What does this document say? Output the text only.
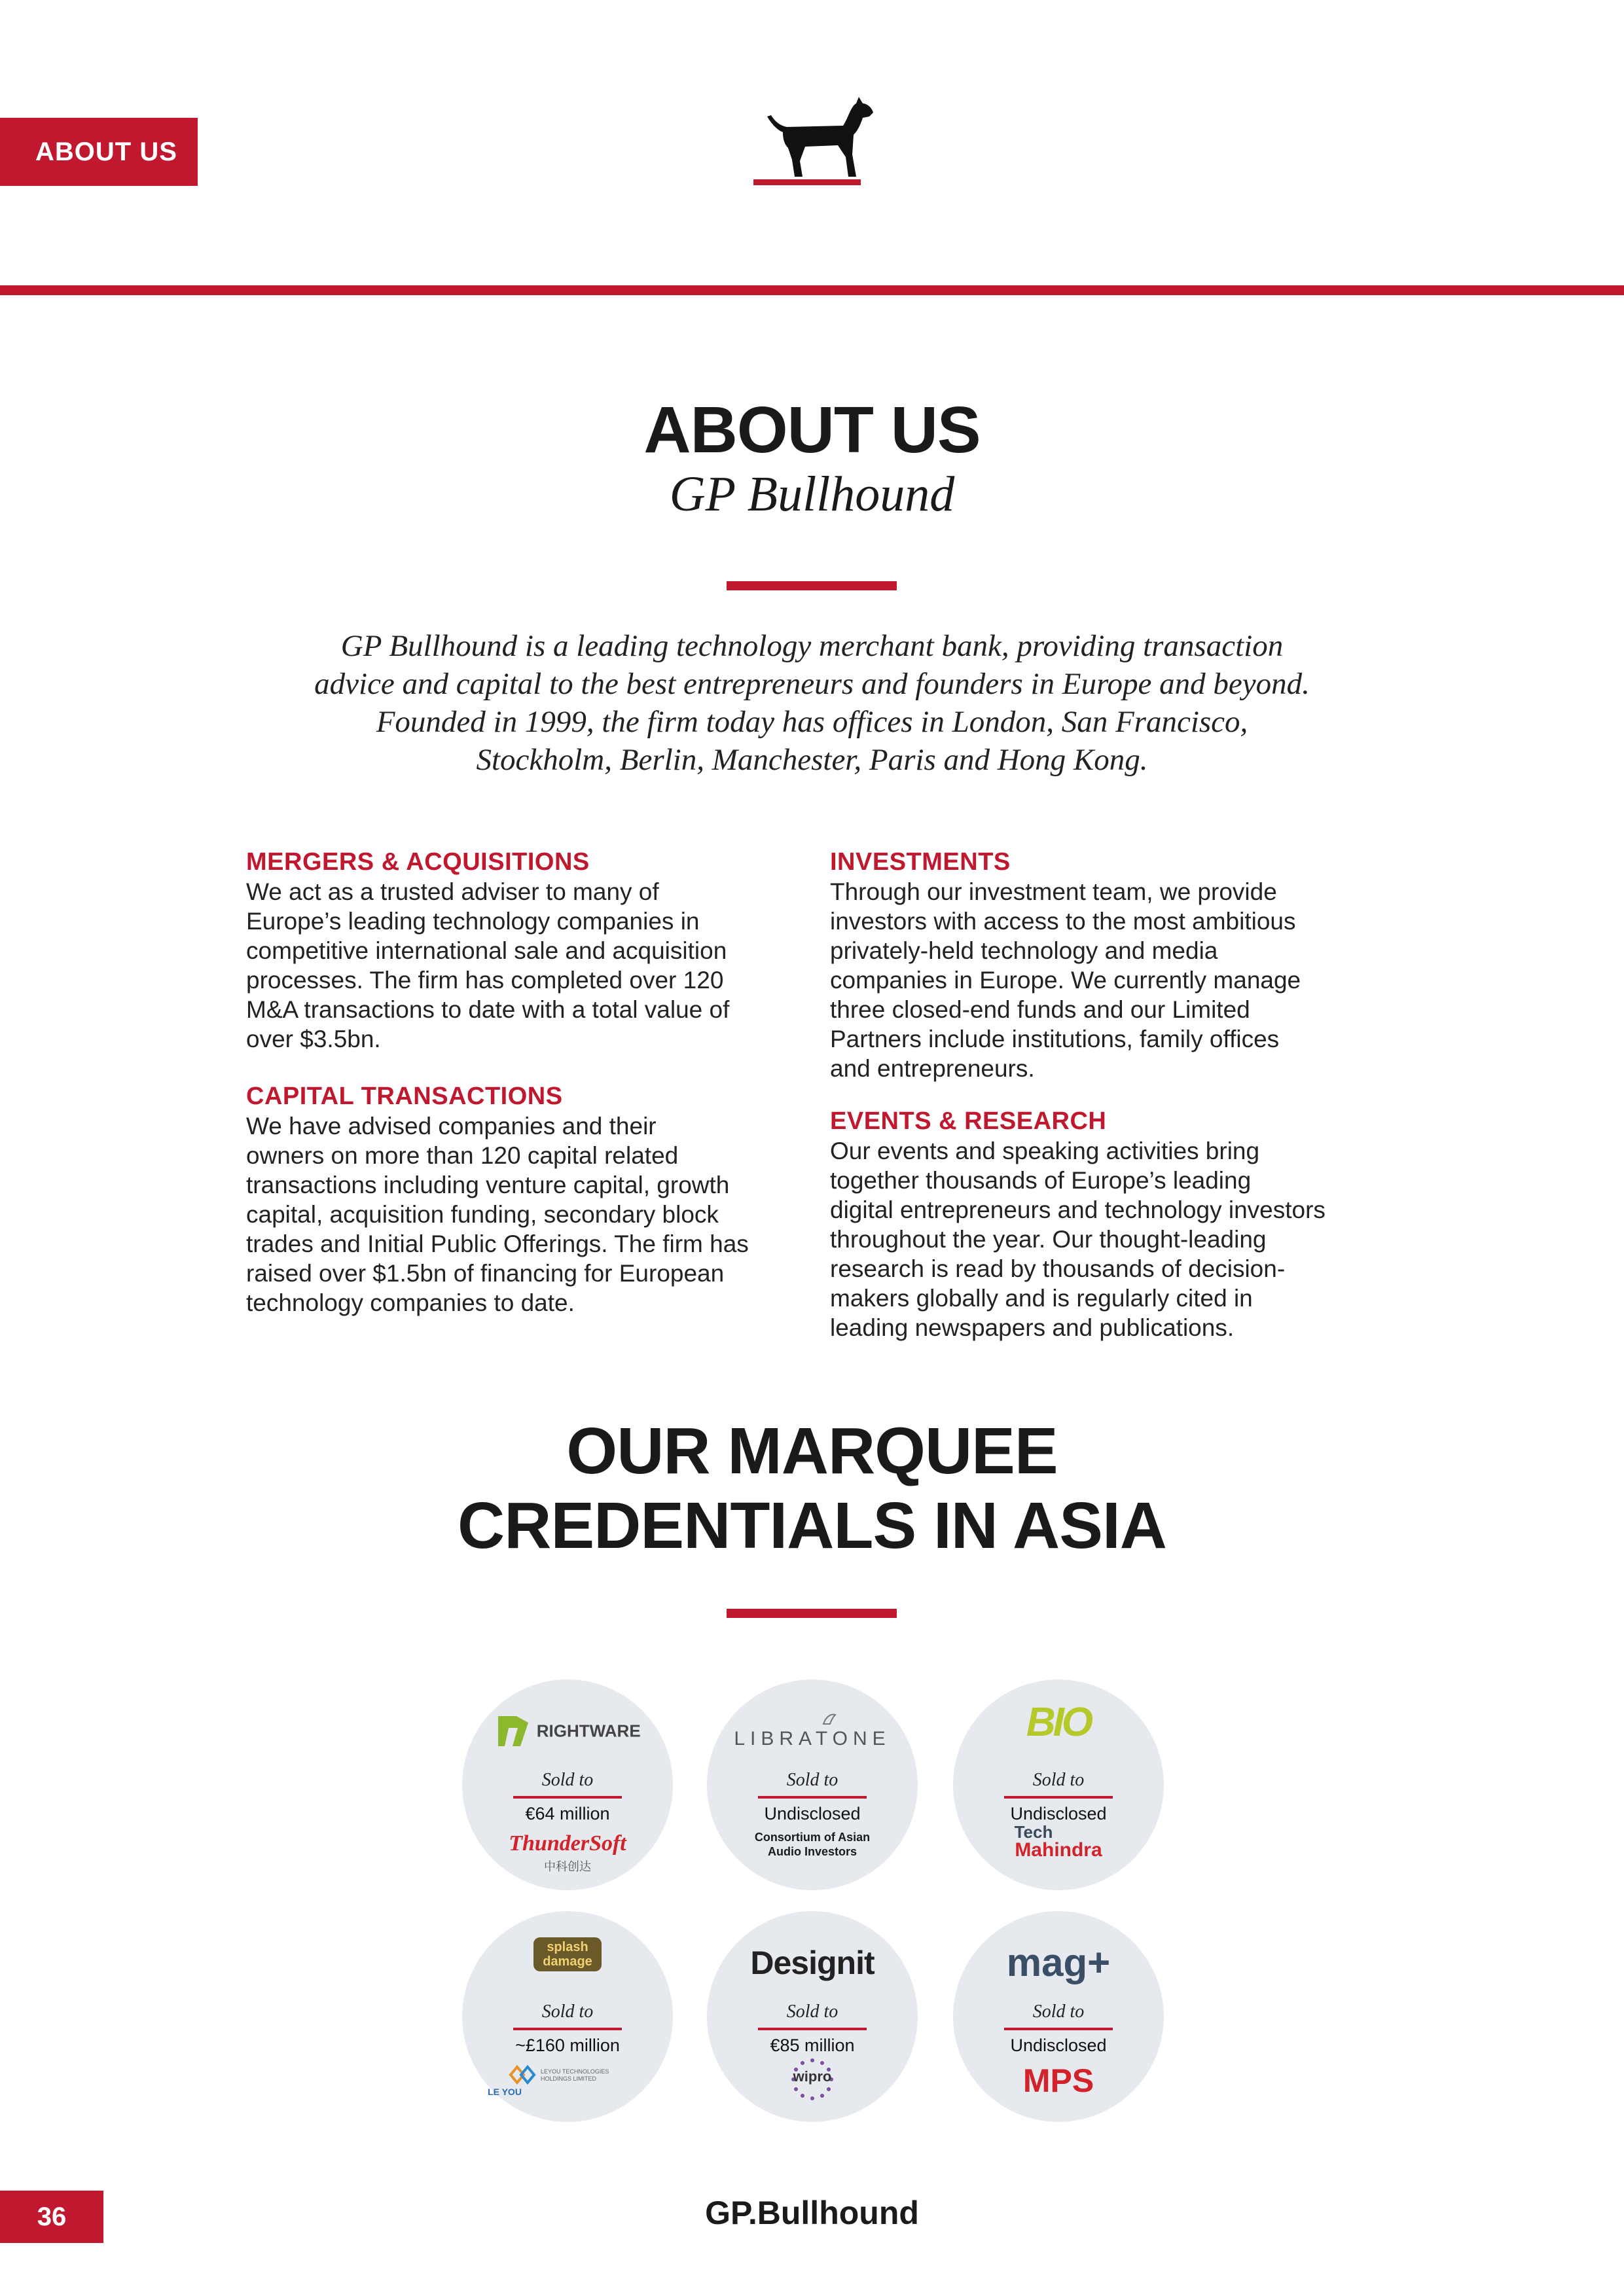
ABOUT US
ABOUT US
GP Bullhound
GP Bullhound is a leading technology merchant bank, providing transaction
advice and capital to the best entrepreneurs and founders in Europe and beyond.
Founded in 1999, the firm today has offices in London, San Francisco,
Stockholm, Berlin, Manchester, Paris and Hong Kong.
MERGERS & ACQUISITIONS
We act as a trusted adviser to many of
Europe’s leading technology companies in
competitive international sale and acquisition
processes. The firm has completed over 120
M&A transactions to date with a total value of
over $3.5bn.
CAPITAL TRANSACTIONS
We have advised companies and their
owners on more than 120 capital related
transactions including venture capital, growth
capital, acquisition funding, secondary block
trades and Initial Public Offerings. The firm has
raised over $1.5bn of financing for European
technology companies to date.
INVESTMENTS
Through our investment team, we provide
investors with access to the most ambitious
privately-held technology and media
companies in Europe. We currently manage
three closed-end funds and our Limited
Partners include institutions, family offices
and entrepreneurs.
EVENTS & RESEARCH
Our events and speaking activities bring
together thousands of Europe’s leading
digital entrepreneurs and technology investors
throughout the year. Our thought-leading
research is read by thousands of decision-
makers globally and is regularly cited in
leading newspapers and publications.
OUR MARQUEE
CREDENTIALS IN ASIA
RIGHTWARE
Sold to
€64 million
ThunderSoft
中科创达
LIBRATONE
Sold to
Undisclosed
Consortium of Asian Audio Investors
BIO
Sold to
Undisclosed
Tech
Mahindra
splash
damage
Sold to
~£160 million
LE YOU
LEYOU TECHNOLOGIES HOLDINGS LIMITED
Designit
Sold to
€85 million
wipro
mag+
Sold to
Undisclosed
MPS
36	GP.Bullhound
